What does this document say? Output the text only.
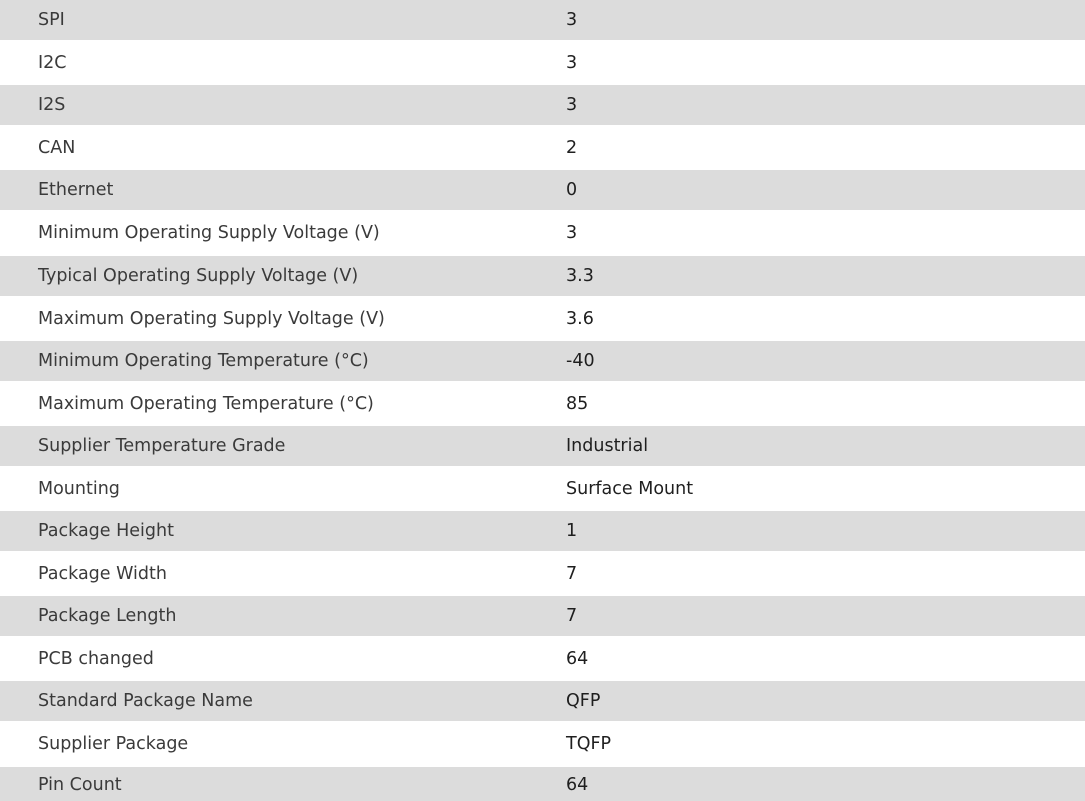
SPI	3
I2C	3
I2S	3
CAN	2
Ethernet	0
Minimum Operating Supply Voltage (V)	3
Typical Operating Supply Voltage (V)	3.3
Maximum Operating Supply Voltage (V)	3.6
Minimum Operating Temperature (°C)	-40
Maximum Operating Temperature (°C)	85
Supplier Temperature Grade	Industrial
Mounting	Surface Mount
Package Height	1
Package Width	7
Package Length	7
PCB changed	64
Standard Package Name	QFP
Supplier Package	TQFP
Pin Count	64
